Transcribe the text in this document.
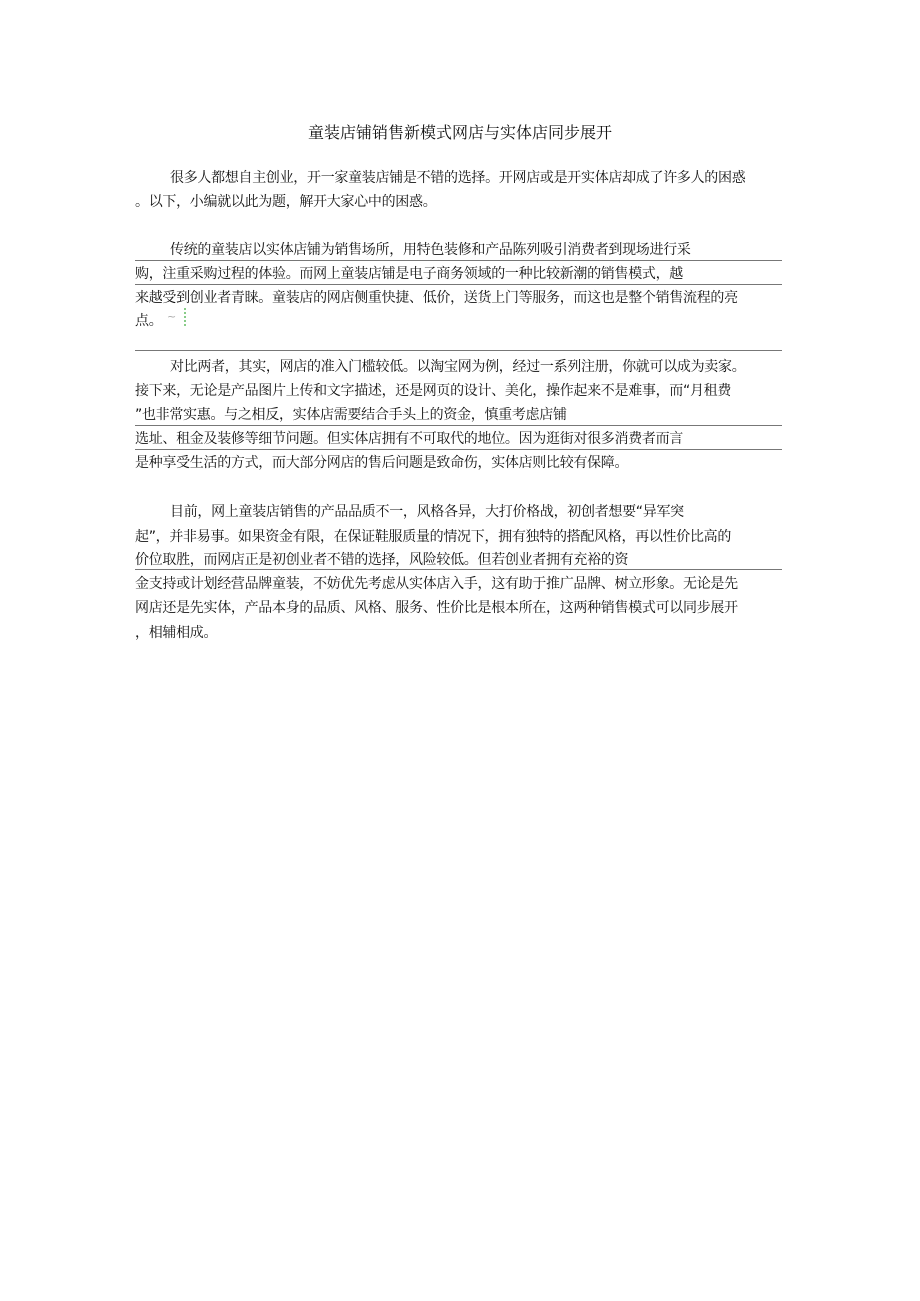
童装店铺销售新模式网店与实体店同步展开
很多人都想自主创业，开一家童装店铺是不错的选择。开网店或是开实体店却成了许多人的困惑
。以下，小编就以此为题，解开大家心中的困惑。
传统的童装店以实体店铺为销售场所，用特色装修和产品陈列吸引消费者到现场进行采
购，注重采购过程的体验。而网上童装店铺是电子商务领域的一种比较新潮的销售模式，越
来越受到创业者青睐。童装店的网店侧重快捷、低价，送货上门等服务，而这也是整个销售流程的亮
点。 ~
对比两者，其实，网店的准入门槛较低。以淘宝网为例，经过一系列注册，你就可以成为卖家。
接下来，无论是产品图片上传和文字描述，还是网页的设计、美化，操作起来不是难事，而“月租费
”也非常实惠。与之相反，实体店需要结合手头上的资金，慎重考虑店铺
选址、租金及装修等细节问题。但实体店拥有不可取代的地位。因为逛街对很多消费者而言
是种享受生活的方式，而大部分网店的售后问题是致命伤，实体店则比较有保障。
目前，网上童装店销售的产品品质不一，风格各异，大打价格战，初创者想要“异军突
起”，并非易事。如果资金有限，在保证鞋服质量的情况下，拥有独特的搭配风格，再以性价比高的
价位取胜，而网店正是初创业者不错的选择，风险较低。但若创业者拥有充裕的资
金支持或计划经营品牌童装，不妨优先考虑从实体店入手，这有助于推广品牌、树立形象。无论是先
网店还是先实体，产品本身的品质、风格、服务、性价比是根本所在，这两种销售模式可以同步展开
，相辅相成。
